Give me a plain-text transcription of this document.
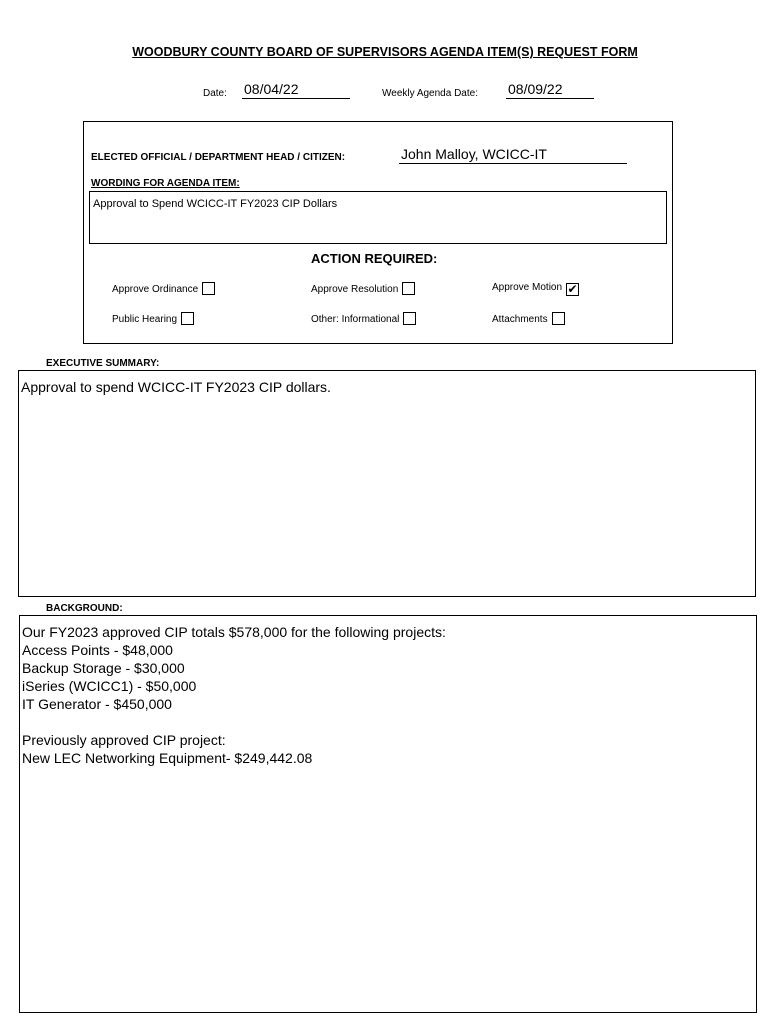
WOODBURY COUNTY BOARD OF SUPERVISORS AGENDA ITEM(S) REQUEST FORM
Date: 08/04/22	Weekly Agenda Date: 08/09/22
ELECTED OFFICIAL / DEPARTMENT HEAD / CITIZEN:	John Malloy, WCICC-IT
WORDING FOR AGENDA ITEM:
Approval to Spend WCICC-IT FY2023 CIP Dollars
ACTION REQUIRED:
Approve Ordinance	Approve Resolution	Approve Motion ✔
Public Hearing	Other: Informational	Attachments
EXECUTIVE SUMMARY:
Approval to spend WCICC-IT FY2023 CIP dollars.
BACKGROUND:
Our FY2023 approved CIP totals $578,000 for the following projects:
Access Points - $48,000
Backup Storage - $30,000
iSeries (WCICC1) - $50,000
IT Generator - $450,000

Previously approved CIP project:
New LEC Networking Equipment- $249,442.08
